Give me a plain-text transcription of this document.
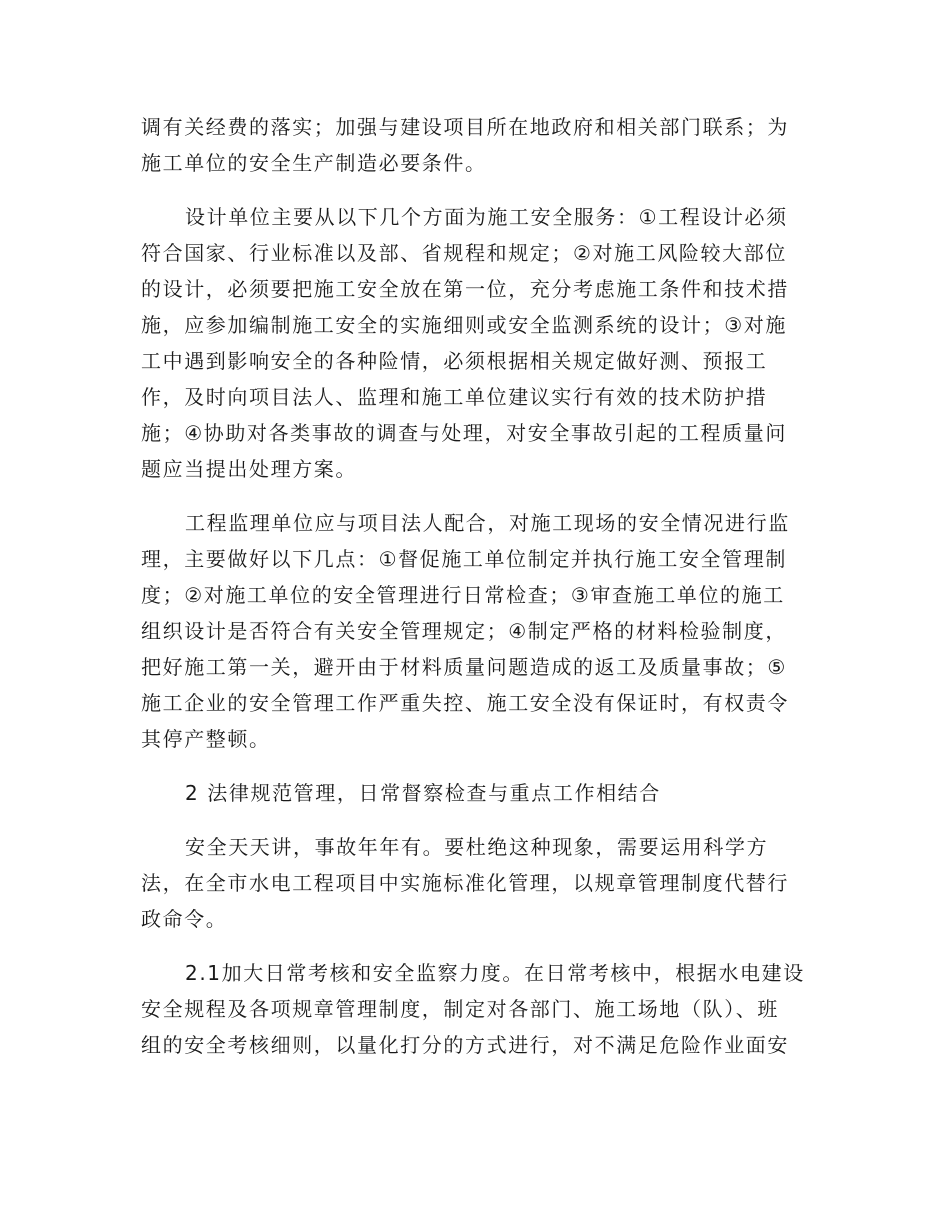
调有关经费的落实；加强与建设项目所在地政府和相关部门联系；为
施工单位的安全生产制造必要条件。
设计单位主要从以下几个方面为施工安全服务：①工程设计必须
符合国家、行业标准以及部、省规程和规定；②对施工风险较大部位
的设计，必须要把施工安全放在第一位，充分考虑施工条件和技术措
施，应参加编制施工安全的实施细则或安全监测系统的设计；③对施
工中遇到影响安全的各种险情，必须根据相关规定做好测、预报工
作，及时向项目法人、监理和施工单位建议实行有效的技术防护措
施；④协助对各类事故的调查与处理，对安全事故引起的工程质量问
题应当提出处理方案。
工程监理单位应与项目法人配合，对施工现场的安全情况进行监
理，主要做好以下几点：①督促施工单位制定并执行施工安全管理制
度；②对施工单位的安全管理进行日常检查；③审查施工单位的施工
组织设计是否符合有关安全管理规定；④制定严格的材料检验制度，
把好施工第一关，避开由于材料质量问题造成的返工及质量事故；⑤
施工企业的安全管理工作严重失控、施工安全没有保证时，有权责令
其停产整顿。
2 法律规范管理，日常督察检查与重点工作相结合
安全天天讲，事故年年有。要杜绝这种现象，需要运用科学方
法，在全市水电工程项目中实施标准化管理，以规章管理制度代替行
政命令。
2.1加大日常考核和安全监察力度。在日常考核中，根据水电建设
安全规程及各项规章管理制度，制定对各部门、施工场地（队）、班
组的安全考核细则，以量化打分的方式进行，对不满足危险作业面安
